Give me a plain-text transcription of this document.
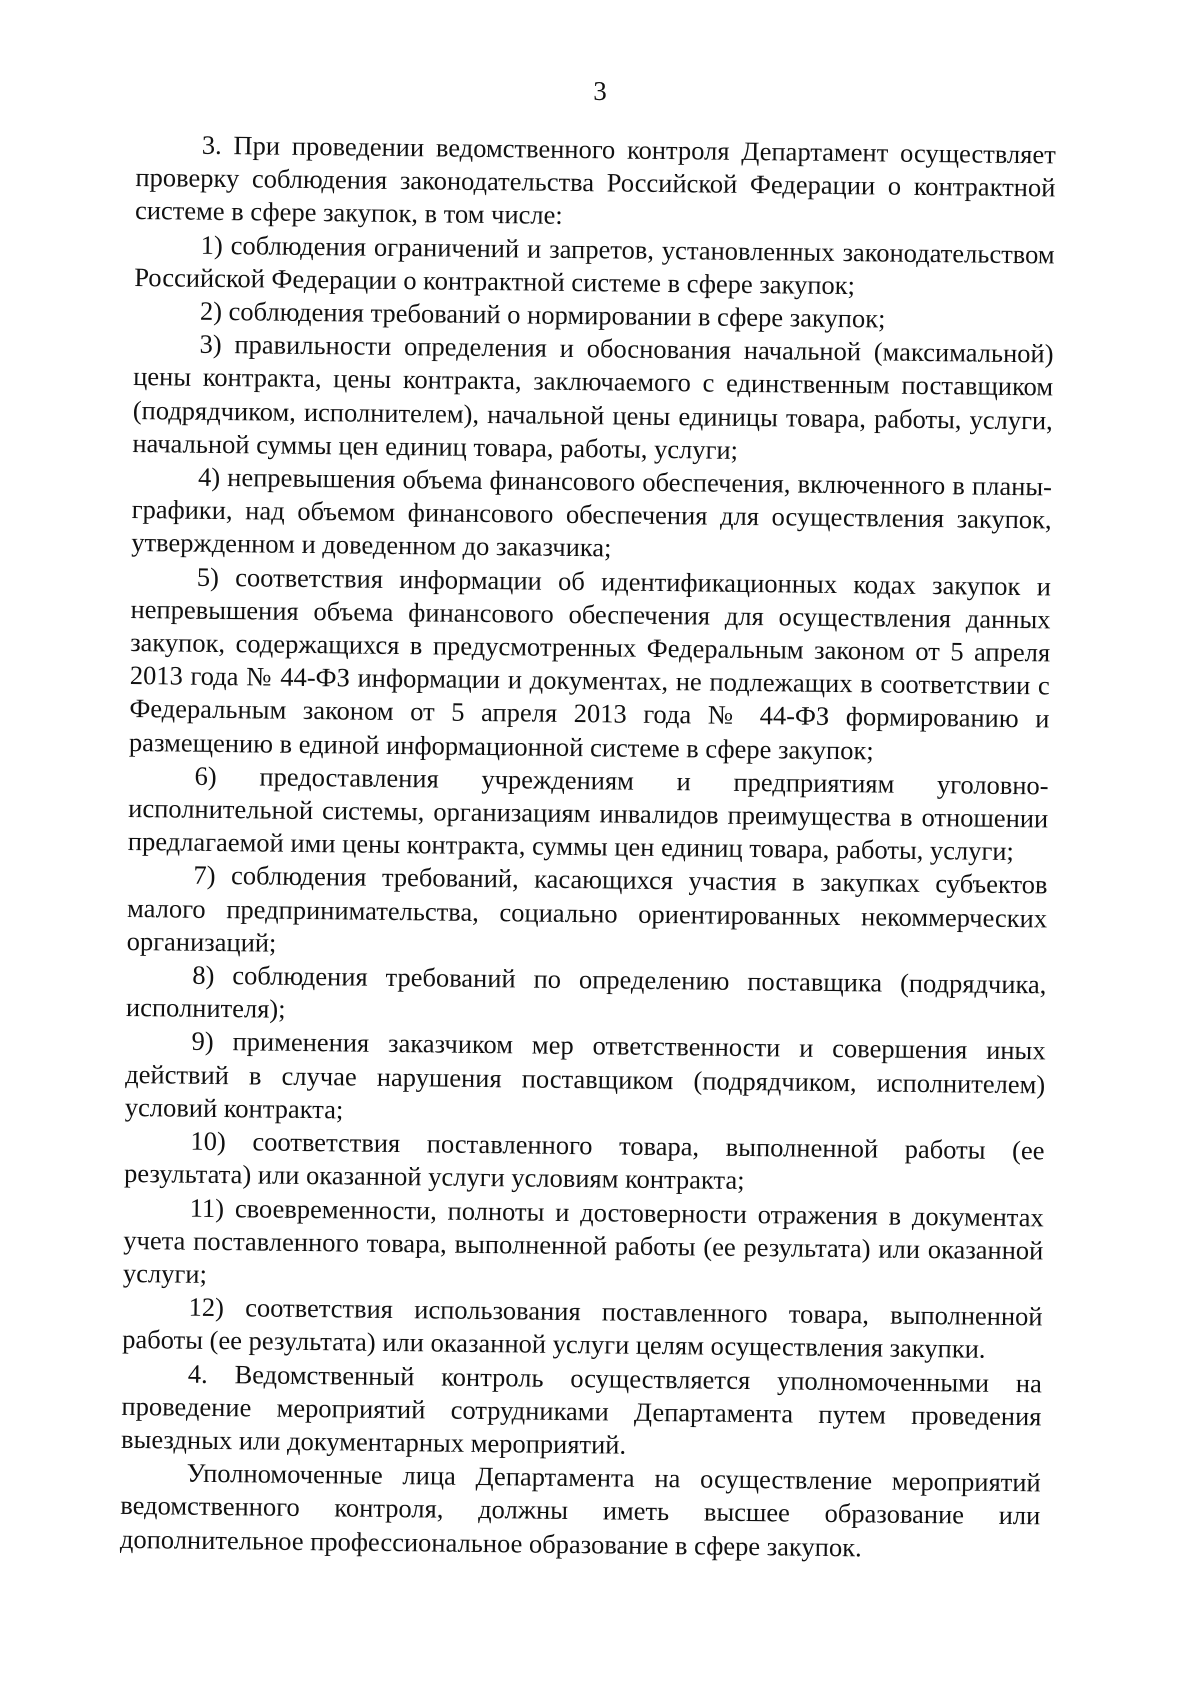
3

3. При проведении ведомственного контроля Департамент осуществляет проверку соблюдения законодательства Российской Федерации о контрактной системе в сфере закупок, в том числе:

1) соблюдения ограничений и запретов, установленных законодательством Российской Федерации о контрактной системе в сфере закупок;

2) соблюдения требований о нормировании в сфере закупок;

3) правильности определения и обоснования начальной (максимальной) цены контракта, цены контракта, заключаемого с единственным поставщиком (подрядчиком, исполнителем), начальной цены единицы товара, работы, услуги, начальной суммы цен единиц товара, работы, услуги;

4) непревышения объема финансового обеспечения, включенного в планы-графики, над объемом финансового обеспечения для осуществления закупок, утвержденном и доведенном до заказчика;

5) соответствия информации об идентификационных кодах закупок и непревышения объема финансового обеспечения для осуществления данных закупок, содержащихся в предусмотренных Федеральным законом от 5 апреля 2013 года № 44-ФЗ информации и документах, не подлежащих в соответствии с Федеральным законом от 5 апреля 2013 года № 44-ФЗ формированию и размещению в единой информационной системе в сфере закупок;

6) предоставления учреждениям и предприятиям уголовно-исполнительной системы, организациям инвалидов преимущества в отношении предлагаемой ими цены контракта, суммы цен единиц товара, работы, услуги;

7) соблюдения требований, касающихся участия в закупках субъектов малого предпринимательства, социально ориентированных некоммерческих организаций;

8) соблюдения требований по определению поставщика (подрядчика, исполнителя);

9) применения заказчиком мер ответственности и совершения иных действий в случае нарушения поставщиком (подрядчиком, исполнителем) условий контракта;

10) соответствия поставленного товара, выполненной работы (ее результата) или оказанной услуги условиям контракта;

11) своевременности, полноты и достоверности отражения в документах учета поставленного товара, выполненной работы (ее результата) или оказанной услуги;

12) соответствия использования поставленного товара, выполненной работы (ее результата) или оказанной услуги целям осуществления закупки.

4. Ведомственный контроль осуществляется уполномоченными на проведение мероприятий сотрудниками Департамента путем проведения выездных или документарных мероприятий.

Уполномоченные лица Департамента на осуществление мероприятий ведомственного контроля, должны иметь высшее образование или дополнительное профессиональное образование в сфере закупок.
